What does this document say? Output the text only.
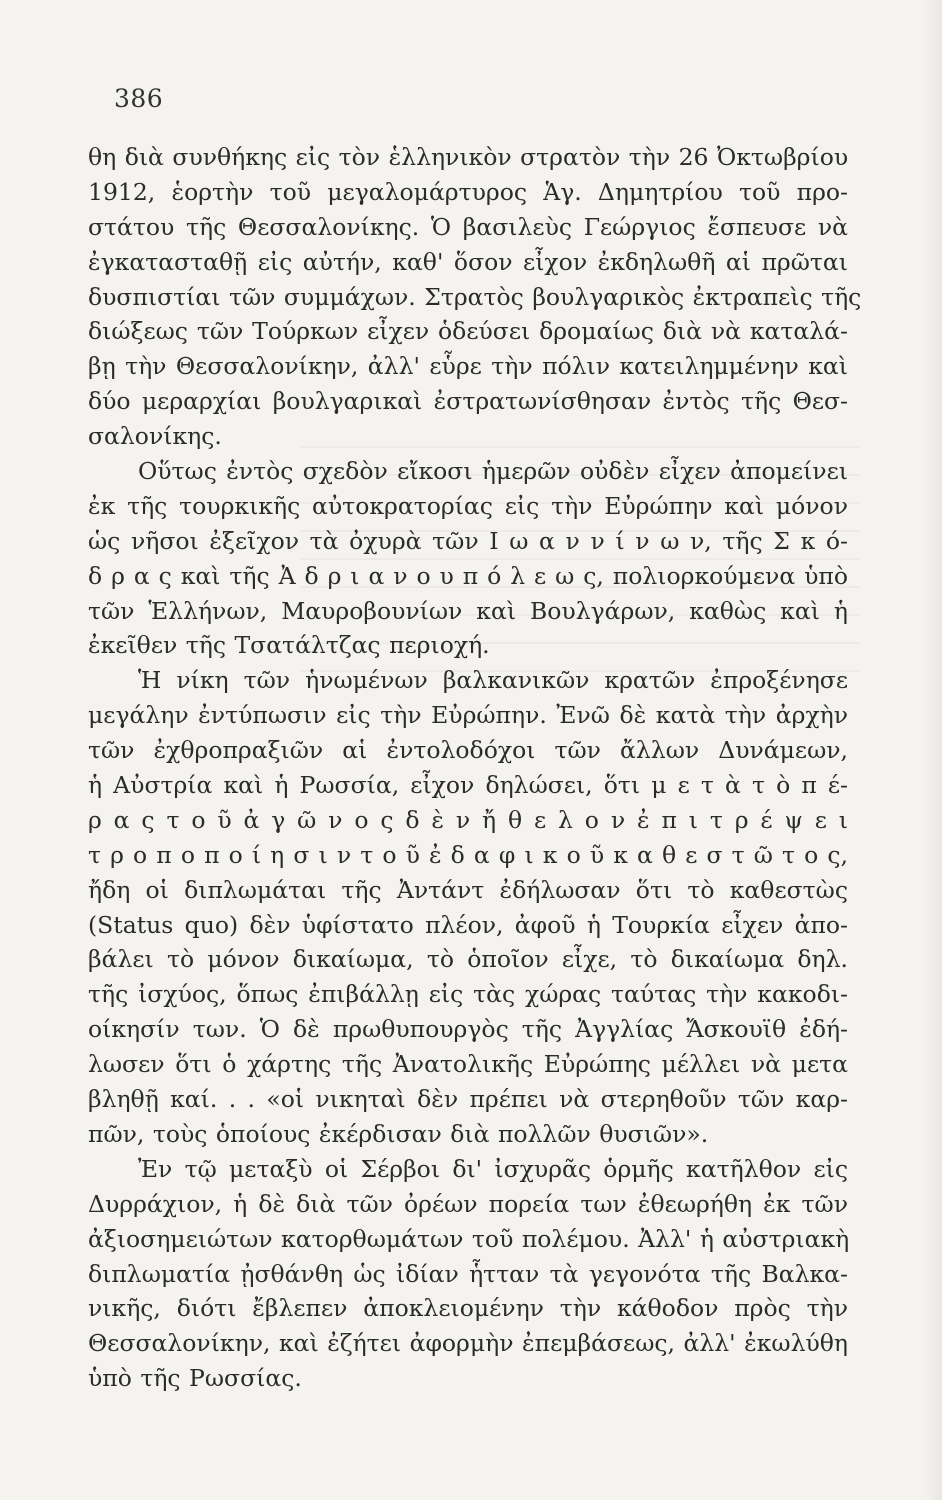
386
θη διὰ συνθήκης εἰς τὸν ἑλληνικὸν στρατὸν τὴν 26 Ὀκτωβρίου
1912, ἑορτὴν τοῦ μεγαλομάρτυρος Ἁγ. Δημητρίου τοῦ προ-
στάτου τῆς Θεσσαλονίκης. Ὁ βασιλεὺς Γεώργιος ἔσπευσε νὰ
ἐγκατασταθῇ εἰς αὐτήν, καθ' ὅσον εἶχον ἐκδηλωθῆ αἱ πρῶται
δυσπιστίαι τῶν συμμάχων. Στρατὸς βουλγαρικὸς ἐκτραπεὶς τῆς
διώξεως τῶν Τούρκων εἶχεν ὁδεύσει δρομαίως διὰ νὰ καταλά-
βῃ τὴν Θεσσαλονίκην, ἀλλ' εὗρε τὴν πόλιν κατειλημμένην καὶ
δύο μεραρχίαι βουλγαρικαὶ ἐστρατωνίσθησαν ἐντὸς τῆς Θεσ-
σαλονίκης.
Οὕτως ἐντὸς σχεδὸν εἴκοσι ἡμερῶν οὐδὲν εἶχεν ἀπομείνει
ἐκ τῆς τουρκικῆς αὐτοκρατορίας εἰς τὴν Εὐρώπην καὶ μόνον
ὡς νῆσοι ἐξεῖχον τὰ ὀχυρὰ τῶν Ι ω α ν ν ί ν ω ν, τῆς Σ κ ό-
δ ρ α ς καὶ τῆς Ἀ δ ρ ι α ν ο υ π ό λ ε ω ς, πολιορκούμενα ὑπὸ
τῶν Ἑλλήνων, Μαυροβουνίων καὶ Βουλγάρων, καθὼς καὶ ἡ
ἐκεῖθεν τῆς Τσατάλτζας περιοχή.
Ἡ νίκη τῶν ἡνωμένων βαλκανικῶν κρατῶν ἐπροξένησε
μεγάλην ἐντύπωσιν εἰς τὴν Εὐρώπην. Ἐνῶ δὲ κατὰ τὴν ἀρχὴν
τῶν ἐχθροπραξιῶν αἱ ἐντολοδόχοι τῶν ἄλλων Δυνάμεων,
ἡ Αὐστρία καὶ ἡ Ρωσσία, εἶχον δηλώσει, ὅτι μ ε τ ὰ τ ὸ π έ-
ρ α ς τ ο ῦ ἀ γ ῶ ν ο ς δ ὲ ν ἤ θ ε λ ο ν ἐ π ι τ ρ έ ψ ε ι
τ ρ ο π ο π ο ί η σ ι ν τ ο ῦ ἐ δ α φ ι κ ο ῦ κ α θ ε σ τ ῶ τ ο ς,
ἤδη οἱ διπλωμάται τῆς Ἀντάντ ἐδήλωσαν ὅτι τὸ καθεστὼς
(Status quo) δὲν ὑφίστατο πλέον, ἀφοῦ ἡ Τουρκία εἶχεν ἀπο-
βάλει τὸ μόνον δικαίωμα, τὸ ὁποῖον εἶχε, τὸ δικαίωμα δηλ.
τῆς ἰσχύος, ὅπως ἐπιβάλλῃ εἰς τὰς χώρας ταύτας τὴν κακοδι-
οίκησίν των. Ὁ δὲ πρωθυπουργὸς τῆς Ἀγγλίας Ἄσκουϊθ ἐδή-
λωσεν ὅτι ὁ χάρτης τῆς Ἀνατολικῆς Εὐρώπης μέλλει νὰ μετα
βληθῇ καί. . . «οἱ νικηταὶ δὲν πρέπει νὰ στερηθοῦν τῶν καρ-
πῶν, τοὺς ὁποίους ἐκέρδισαν διὰ πολλῶν θυσιῶν».
Ἐν τῷ μεταξὺ οἱ Σέρβοι δι' ἰσχυρᾶς ὁρμῆς κατῆλθον εἰς
Δυρράχιον, ἡ δὲ διὰ τῶν ὀρέων πορεία των ἐθεωρήθη ἐκ τῶν
ἀξιοσημειώτων κατορθωμάτων τοῦ πολέμου. Ἀλλ' ἡ αὐστριακὴ
διπλωματία ᾐσθάνθη ὡς ἰδίαν ἧτταν τὰ γεγονότα τῆς Βαλκα-
νικῆς, διότι ἔβλεπεν ἀποκλειομένην τὴν κάθοδον πρὸς τὴν
Θεσσαλονίκην, καὶ ἐζήτει ἀφορμὴν ἐπεμβάσεως, ἀλλ' ἐκωλύθη
ὑπὸ τῆς Ρωσσίας.
